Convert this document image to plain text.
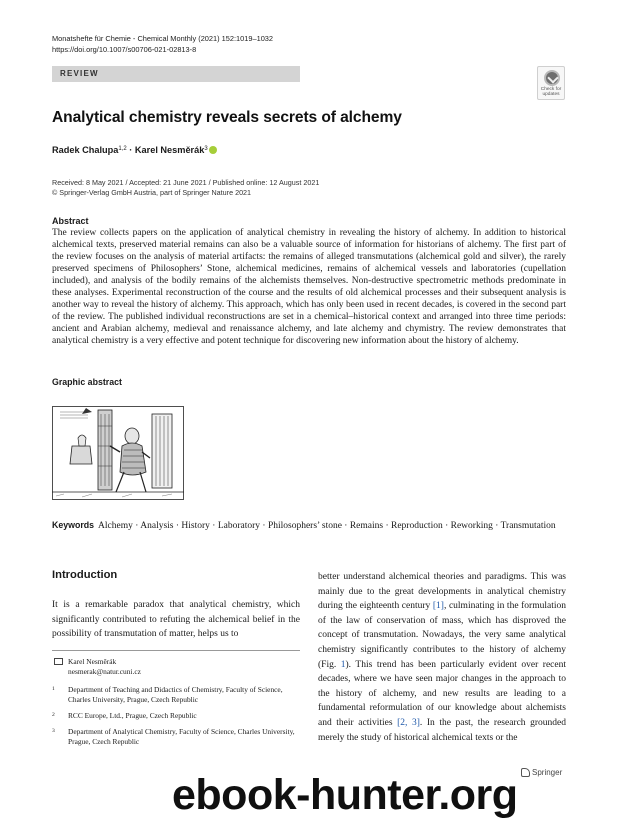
Monatshefte für Chemie - Chemical Monthly (2021) 152:1019–1032
https://doi.org/10.1007/s00706-021-02813-8
REVIEW
Check for updates
Analytical chemistry reveals secrets of alchemy
Radek Chalupa$^{1,2}$ · Karel Nesměrák$^3$
Received: 8 May 2021 / Accepted: 21 June 2021 / Published online: 12 August 2021
© Springer-Verlag GmbH Austria, part of Springer Nature 2021
Abstract

The review collects papers on the application of analytical chemistry in revealing the history of alchemy. In addition to historical alchemical texts, preserved material remains can also be a valuable source of information for historians of alchemy. The first part of the review focuses on the analysis of material artifacts: the remains of alleged transmutations (alchemical gold and silver), the rarely preserved specimens of Philosophers’ Stone, alchemical medicines, remains of alchemical vessels and laboratories (cupellation included), and analysis of the bodily remains of the alchemists themselves. Non-destructive spectrometric methods predominate in these analyses. Experimental reconstruction of the course and the results of old alchemical processes and their subsequent analysis is another way to reveal the history of alchemy. This approach, which has only been used in recent decades, is covered in the second part of the review. The published individual reconstructions are set in a chemical–historical context and arranged into three time periods: ancient and Arabian alchemy, medieval and renaissance alchemy, and late alchemy and chymistry. The review demonstrates that analytical chemistry is a very effective and potent technique for discovering new information about the history of alchemy.

Graphic abstract

Keywords Alchemy · Analysis · History · Laboratory · Philosophers’ stone · Remains · Reproduction · Reworking · Transmutation

Introduction

It is a remarkable paradox that analytical chemistry, which significantly contributed to refuting the alchemical belief in the possibility of transmutation of matter, helps us to

better understand alchemical theories and paradigms. This was mainly due to the great developments in analytical chemistry during the eighteenth century [1], culminating in the formulation of the law of conservation of mass, which has disproved the concept of transmutation. Nowadays, the very same analytical chemistry significantly contributes to the history of alchemy (Fig. 1). This trend has been particularly evident over recent decades, where we have seen major changes in the approach to the history of alchemy, and new results are leading to a fundamental reformulation of our knowledge about alchemists and their activities [2, 3]. In the past, the research grounded merely the study of historical alchemical texts or the

Karel Nesměrák
nesmerak@natur.cuni.cz
1	Department of Teaching and Didactics of Chemistry, Faculty of Science, Charles University, Prague, Czech Republic
2	RCC Europe, Ltd., Prague, Czech Republic
3	Department of Analytical Chemistry, Faculty of Science, Charles University, Prague, Czech Republic
Springer
ebook-hunter.org
